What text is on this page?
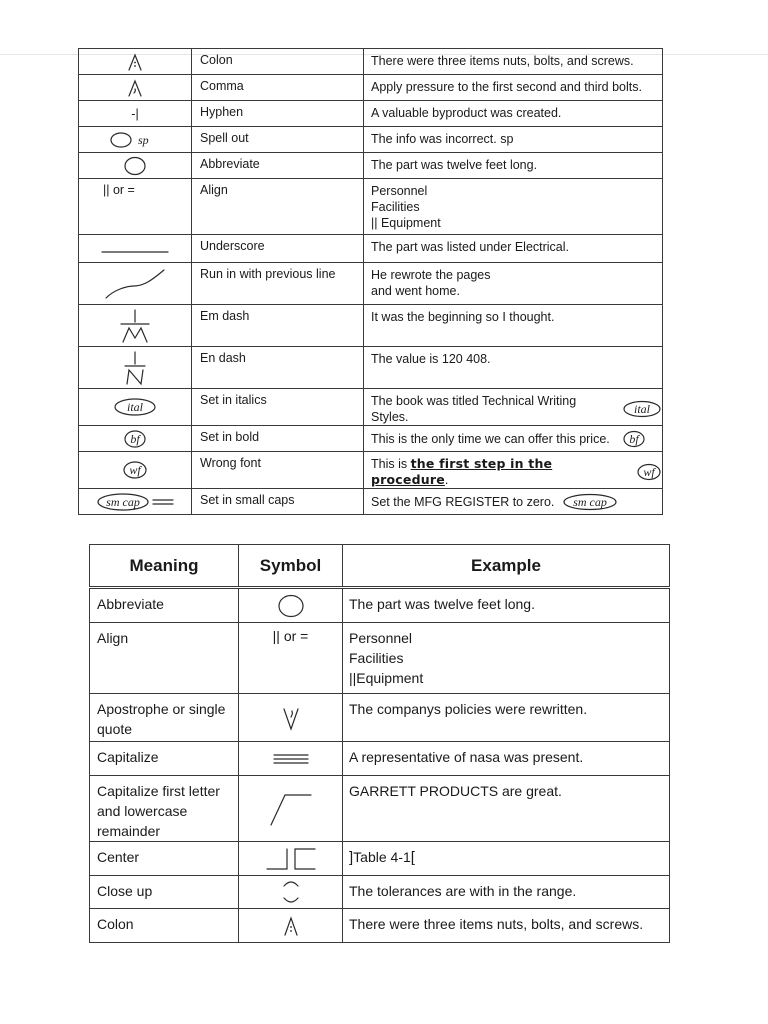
	Colon	There were three items nuts, bolts, and screws.

	Comma	Apply pressure to the first second and third bolts.

-|	Hyphen	A valuable byproduct was created.

sp	Spell out	The info was incorrect. sp

	Abbreviate	The part was twelve feet long.

|| or =	Align	Personnel
Facilities
|| Equipment

	Underscore	The part was listed under Electrical.

	Run in with previous line	He rewrote the pages
and went home.

	Em dash	It was the beginning so I thought.

	En dash	The value is 120 408.

ital	Set in italics	The book was titled Technical Writing Styles.
ital

bf	Set in bold	This is the only time we can offer this price. bf

wf	Wrong font	This is the first step in the procedure.
wf

sm cap	Set in small caps	Set the MFG REGISTER to zero. sm cap
Meaning	Symbol	Example
Abbreviate		The part was twelve feet long.
Align	|| or =	Personnel
Facilities
||Equipment

Apostrophe or single quote		The companys policies were rewritten.
Capitalize		A representative of nasa was present.
Capitalize first letter and lowercase remainder		GARRETT PRODUCTS are great.
Center		]Table 4-1[
Close up		The tolerances are with in the range.
Colon		There were three items nuts, bolts, and screws.
